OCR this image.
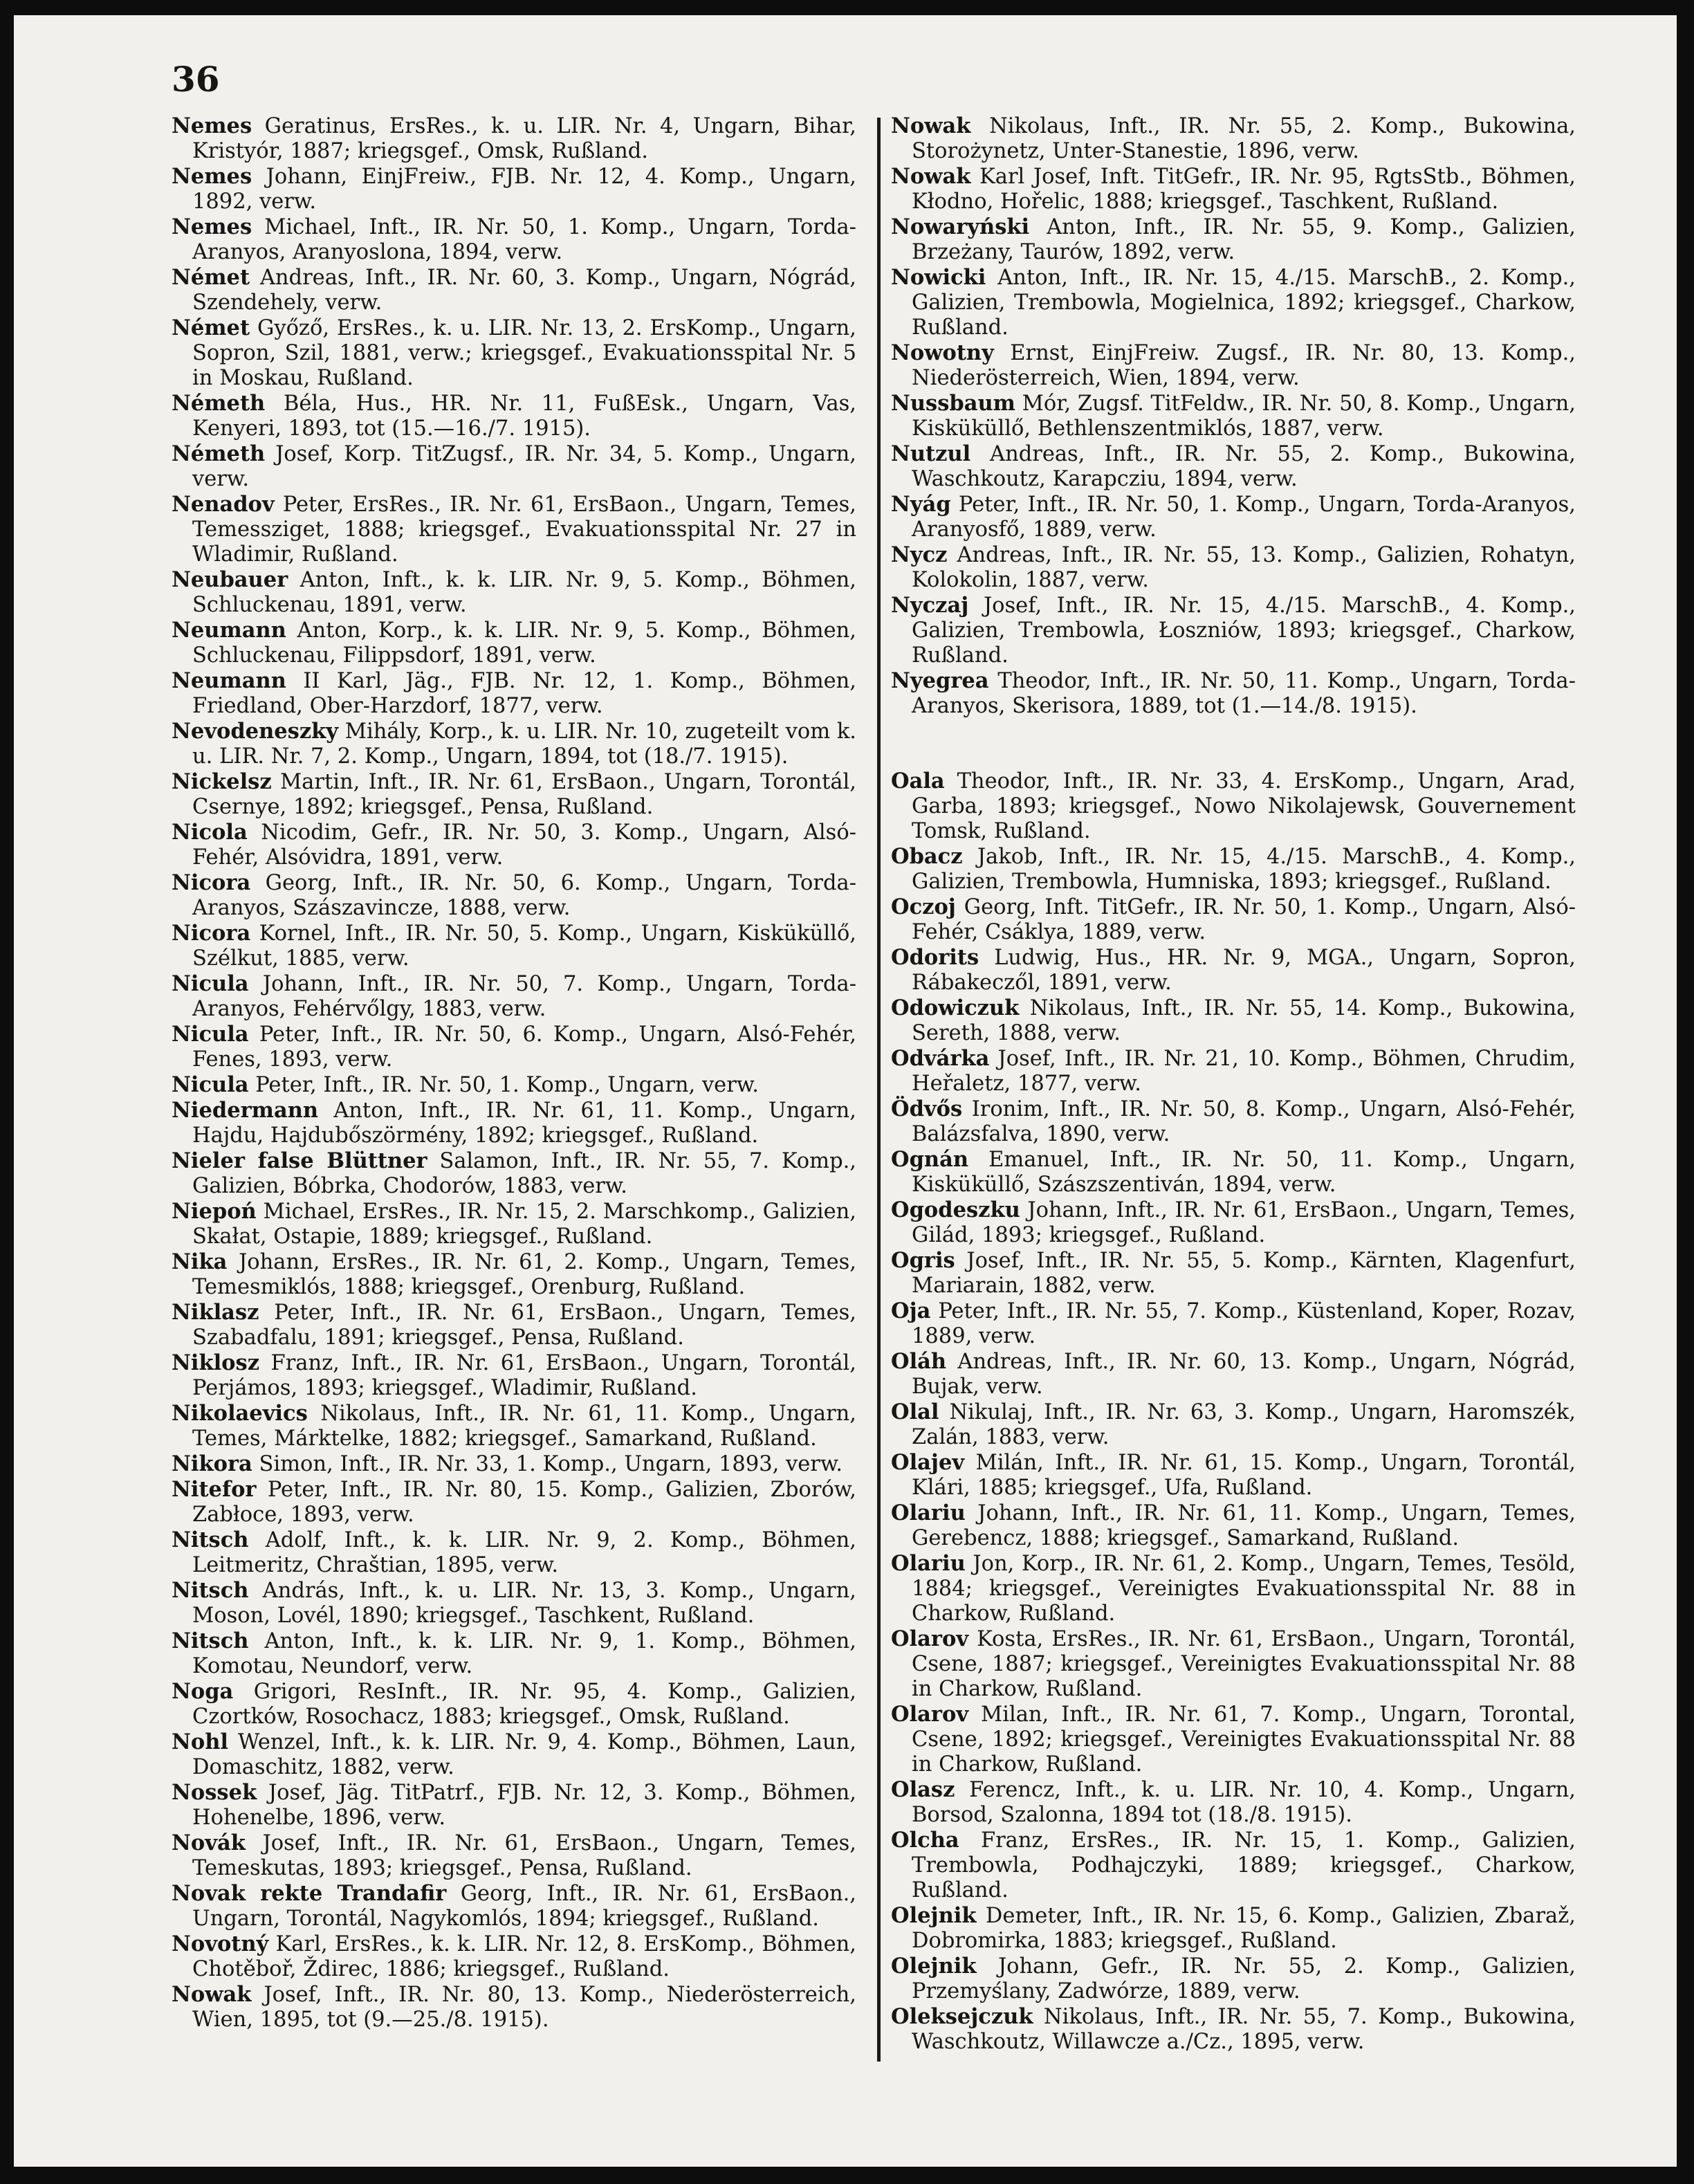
36
Nemes Geratinus, ErsRes., k. u. LIR. Nr. 4, Ungarn, Bihar, Kristyór, 1887; kriegsgef., Omsk, Rußland.
Nemes Johann, EinjFreiw., FJB. Nr. 12, 4. Komp., Ungarn, 1892, verw.
Nemes Michael, Inft., IR. Nr. 50, 1. Komp., Ungarn, Torda-Aranyos, Aranyoslona, 1894, verw.
Német Andreas, Inft., IR. Nr. 60, 3. Komp., Ungarn, Nógrád, Szendehely, verw.
Német Győző, ErsRes., k. u. LIR. Nr. 13, 2. ErsKomp., Ungarn, Sopron, Szil, 1881, verw.; kriegsgef., Evakuationsspital Nr. 5 in Moskau, Rußland.
Németh Béla, Hus., HR. Nr. 11, FußEsk., Ungarn, Vas, Kenyeri, 1893, tot (15.—16./7. 1915).
Németh Josef, Korp. TitZugsf., IR. Nr. 34, 5. Komp., Ungarn, verw.
Nenadov Peter, ErsRes., IR. Nr. 61, ErsBaon., Ungarn, Temes, Temessziget, 1888; kriegsgef., Evakuationsspital Nr. 27 in Wladimir, Rußland.
Neubauer Anton, Inft., k. k. LIR. Nr. 9, 5. Komp., Böhmen, Schluckenau, 1891, verw.
Neumann Anton, Korp., k. k. LIR. Nr. 9, 5. Komp., Böhmen, Schluckenau, Filippsdorf, 1891, verw.
Neumann II Karl, Jäg., FJB. Nr. 12, 1. Komp., Böhmen, Friedland, Ober-Harzdorf, 1877, verw.
Nevodeneszky Mihály, Korp., k. u. LIR. Nr. 10, zugeteilt vom k. u. LIR. Nr. 7, 2. Komp., Ungarn, 1894, tot (18./7. 1915).
Nickelsz Martin, Inft., IR. Nr. 61, ErsBaon., Ungarn, Torontál, Csernye, 1892; kriegsgef., Pensa, Rußland.
Nicola Nicodim, Gefr., IR. Nr. 50, 3. Komp., Ungarn, Alsó-Fehér, Alsóvidra, 1891, verw.
Nicora Georg, Inft., IR. Nr. 50, 6. Komp., Ungarn, Torda-Aranyos, Szászavincze, 1888, verw.
Nicora Kornel, Inft., IR. Nr. 50, 5. Komp., Ungarn, Kisküküllő, Szélkut, 1885, verw.
Niculа Johann, Inft., IR. Nr. 50, 7. Komp., Ungarn, Torda-Aranyos, Fehérvőlgy, 1883, verw.
Nicula Peter, Inft., IR. Nr. 50, 6. Komp., Ungarn, Alsó-Fehér, Fenes, 1893, verw.
Nicula Peter, Inft., IR. Nr. 50, 1. Komp., Ungarn, verw.
Niedermann Anton, Inft., IR. Nr. 61, 11. Komp., Ungarn, Hajdu, Hajdubőszörmény, 1892; kriegsgef., Rußland.
Nieler false Blüttner Salamon, Inft., IR. Nr. 55, 7. Komp., Galizien, Bóbrka, Chodorów, 1883, verw.
Niepoń Michael, ErsRes., IR. Nr. 15, 2. Marschkomp., Galizien, Skałat, Ostapie, 1889; kriegsgef., Rußland.
Nika Johann, ErsRes., IR. Nr. 61, 2. Komp., Ungarn, Temes, Temesmiklós, 1888; kriegsgef., Orenburg, Rußland.
Niklasz Peter, Inft., IR. Nr. 61, ErsBaon., Ungarn, Temes, Szabadfalu, 1891; kriegsgef., Pensa, Rußland.
Niklosz Franz, Inft., IR. Nr. 61, ErsBaon., Ungarn, Torontál, Perjámos, 1893; kriegsgef., Wladimir, Rußland.
Nikolaevics Nikolaus, Inft., IR. Nr. 61, 11. Komp., Ungarn, Temes, Márktelke, 1882; kriegsgef., Samarkand, Rußland.
Nikora Simon, Inft., IR. Nr. 33, 1. Komp., Ungarn, 1893, verw.
Nitefor Peter, Inft., IR. Nr. 80, 15. Komp., Galizien, Zborów, Zabłoce, 1893, verw.
Nitsch Adolf, Inft., k. k. LIR. Nr. 9, 2. Komp., Böhmen, Leitmeritz, Chraštian, 1895, verw.
Nitsch András, Inft., k. u. LIR. Nr. 13, 3. Komp., Ungarn, Moson, Lovél, 1890; kriegsgef., Taschkent, Rußland.
Nitsch Anton, Inft., k. k. LIR. Nr. 9, 1. Komp., Böhmen, Komotau, Neundorf, verw.
Noga Grigori, ResInft., IR. Nr. 95, 4. Komp., Galizien, Czortków, Rosochacz, 1883; kriegsgef., Omsk, Rußland.
Nohl Wenzel, Inft., k. k. LIR. Nr. 9, 4. Komp., Böhmen, Laun, Domaschitz, 1882, verw.
Nossek Josef, Jäg. TitPatrf., FJB. Nr. 12, 3. Komp., Böhmen, Hohenelbe, 1896, verw.
Novák Josef, Inft., IR. Nr. 61, ErsBaon., Ungarn, Temes, Temeskutas, 1893; kriegsgef., Pensa, Rußland.
Novak rekte Trandafir Georg, Inft., IR. Nr. 61, ErsBaon., Ungarn, Torontál, Nagykomlós, 1894; kriegsgef., Rußland.
Novotný Karl, ErsRes., k. k. LIR. Nr. 12, 8. ErsKomp., Böhmen, Chotěboř, Ždirec, 1886; kriegsgef., Rußland.
Nowak Josef, Inft., IR. Nr. 80, 13. Komp., Niederösterreich, Wien, 1895, tot (9.—25./8. 1915).
Nowak Nikolaus, Inft., IR. Nr. 55, 2. Komp., Bukowina, Storożynetz, Unter-Stanestie, 1896, verw.
Nowak Karl Josef, Inft. TitGefr., IR. Nr. 95, RgtsStb., Böhmen, Kłodno, Hořelic, 1888; kriegsgef., Taschkent, Rußland.
Nowaryński Anton, Inft., IR. Nr. 55, 9. Komp., Galizien, Brzeżany, Taurów, 1892, verw.
Nowicki Anton, Inft., IR. Nr. 15, 4./15. MarschB., 2. Komp., Galizien, Trembowla, Mogielnica, 1892; kriegsgef., Charkow, Rußland.
Nowotny Ernst, EinjFreiw. Zugsf., IR. Nr. 80, 13. Komp., Niederösterreich, Wien, 1894, verw.
Nussbaum Mór, Zugsf. TitFeldw., IR. Nr. 50, 8. Komp., Ungarn, Kisküküllő, Bethlenszentmiklós, 1887, verw.
Nutzul Andreas, Inft., IR. Nr. 55, 2. Komp., Bukowina, Waschkoutz, Karapcziu, 1894, verw.
Nyág Peter, Inft., IR. Nr. 50, 1. Komp., Ungarn, Torda-Aranyos, Aranyosfő, 1889, verw.
Nycz Andreas, Inft., IR. Nr. 55, 13. Komp., Galizien, Rohatyn, Kolokolin, 1887, verw.
Nyczaj Josef, Inft., IR. Nr. 15, 4./15. MarschB., 4. Komp., Galizien, Trembowla, Łoszniów, 1893; kriegsgef., Charkow, Rußland.
Nyegrea Theodor, Inft., IR. Nr. 50, 11. Komp., Ungarn, Torda-Aranyos, Skerisora, 1889, tot (1.—14./8. 1915).
Oala Theodor, Inft., IR. Nr. 33, 4. ErsKomp., Ungarn, Arad, Garba, 1893; kriegsgef., Nowo Nikolajewsk, Gouvernement Tomsk, Rußland.
Obacz Jakob, Inft., IR. Nr. 15, 4./15. MarschB., 4. Komp., Galizien, Trembowla, Humniska, 1893; kriegsgef., Rußland.
Oczoj Georg, Inft. TitGefr., IR. Nr. 50, 1. Komp., Ungarn, Alsó-Fehér, Csáklya, 1889, verw.
Odorits Ludwig, Hus., HR. Nr. 9, MGA., Ungarn, Sopron, Rábakeczől, 1891, verw.
Odowiczuk Nikolaus, Inft., IR. Nr. 55, 14. Komp., Bukowina, Sereth, 1888, verw.
Odvárka Josef, Inft., IR. Nr. 21, 10. Komp., Böhmen, Chrudim, Heřaletz, 1877, verw.
Ödvős Ironim, Inft., IR. Nr. 50, 8. Komp., Ungarn, Alsó-Fehér, Balázsfalva, 1890, verw.
Ognán Emanuel, Inft., IR. Nr. 50, 11. Komp., Ungarn, Kisküküllő, Szászszentiván, 1894, verw.
Ogodeszku Johann, Inft., IR. Nr. 61, ErsBaon., Ungarn, Temes, Gilád, 1893; kriegsgef., Rußland.
Ogris Josef, Inft., IR. Nr. 55, 5. Komp., Kärnten, Klagenfurt, Mariarain, 1882, verw.
Oja Peter, Inft., IR. Nr. 55, 7. Komp., Küstenland, Koper, Rozav, 1889, verw.
Oláh Andreas, Inft., IR. Nr. 60, 13. Komp., Ungarn, Nógrád, Bujak, verw.
Olal Nikulaj, Inft., IR. Nr. 63, 3. Komp., Ungarn, Haromszék, Zalán, 1883, verw.
Olajev Milán, Inft., IR. Nr. 61, 15. Komp., Ungarn, Torontál, Klári, 1885; kriegsgef., Ufa, Rußland.
Olariu Johann, Inft., IR. Nr. 61, 11. Komp., Ungarn, Temes, Gerebencz, 1888; kriegsgef., Samarkand, Rußland.
Olariu Jon, Korp., IR. Nr. 61, 2. Komp., Ungarn, Temes, Tesöld, 1884; kriegsgef., Vereinigtes Evakuationsspital Nr. 88 in Charkow, Rußland.
Olarov Kosta, ErsRes., IR. Nr. 61, ErsBaon., Ungarn, Torontál, Csene, 1887; kriegsgef., Vereinigtes Evakuationsspital Nr. 88 in Charkow, Rußland.
Olarov Milan, Inft., IR. Nr. 61, 7. Komp., Ungarn, Torontal, Csene, 1892; kriegsgef., Vereinigtes Evakuationsspital Nr. 88 in Charkow, Rußland.
Olasz Ferencz, Inft., k. u. LIR. Nr. 10, 4. Komp., Ungarn, Borsod, Szalonna, 1894 tot (18./8. 1915).
Olcha Franz, ErsRes., IR. Nr. 15, 1. Komp., Galizien, Trembowla, Podhajczyki, 1889; kriegsgef., Charkow, Rußland.
Olejnik Demeter, Inft., IR. Nr. 15, 6. Komp., Galizien, Zbaraž, Dobromirka, 1883; kriegsgef., Rußland.
Olejnik Johann, Gefr., IR. Nr. 55, 2. Komp., Galizien, Przemyślany, Zadwórze, 1889, verw.
Oleksejczuk Nikolaus, Inft., IR. Nr. 55, 7. Komp., Bukowina, Waschkoutz, Willawcze a./Cz., 1895, verw.
